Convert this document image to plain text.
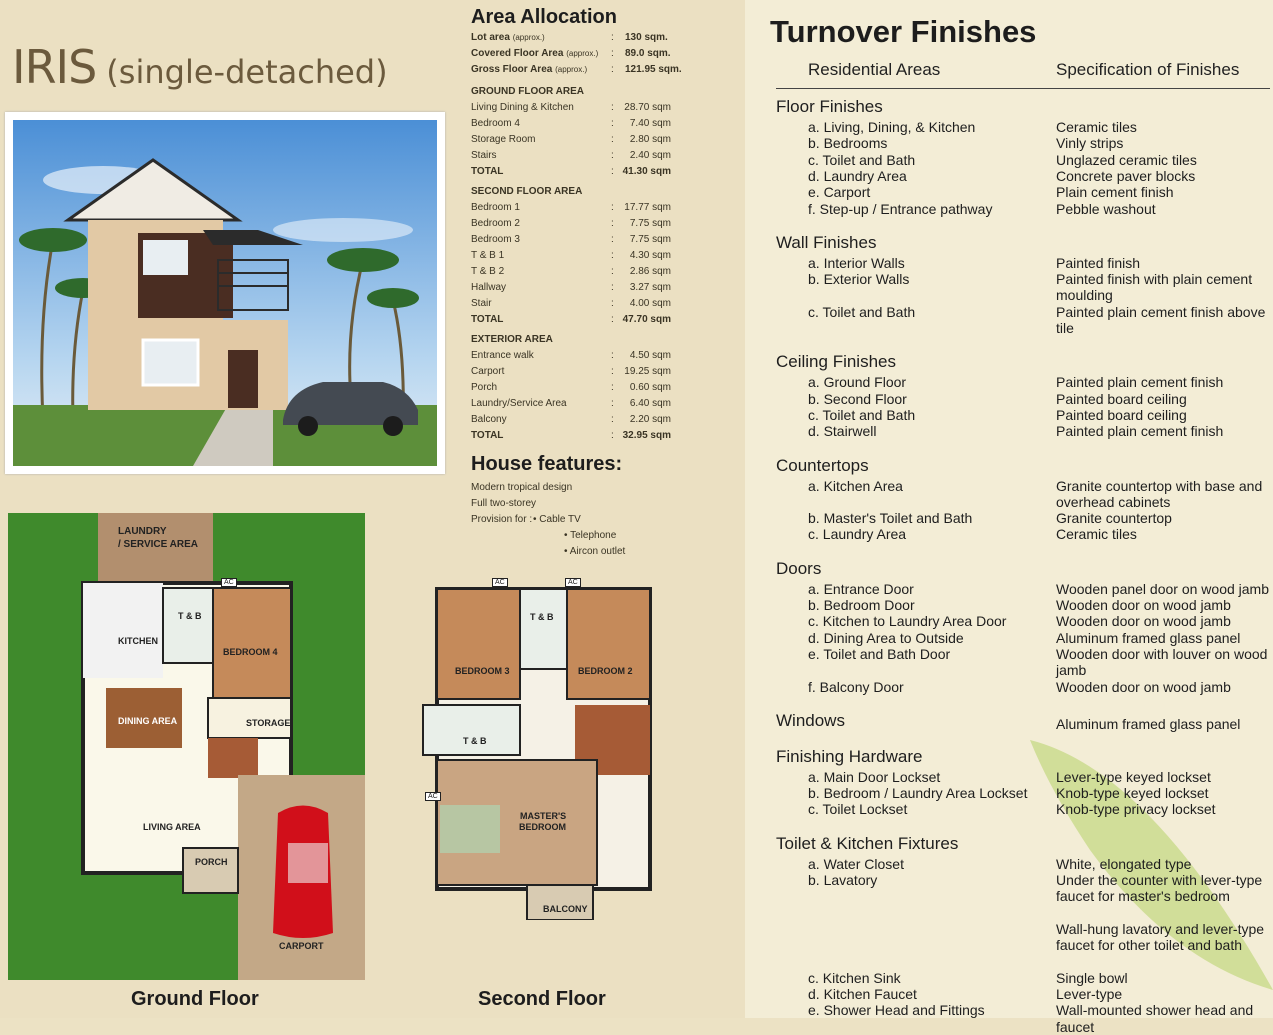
IRIS (single-detached)
Area Allocation
Lot area (approx.)	: 130 sqm.
Covered Floor Area (approx.) : 89.0 sqm.
Gross Floor Area (approx.) : 121.95 sqm.
GROUND FLOOR AREA
Living Dining & Kitchen	:	28.70 sqm
Bedroom 4	:	7.40 sqm
Storage Room	:	2.80 sqm
Stairs	:	2.40 sqm
TOTAL	: 41.30 sqm
SECOND FLOOR AREA
Bedroom 1	:	17.77 sqm
Bedroom 2	:	7.75 sqm
Bedroom 3	:	7.75 sqm
T & B 1	:	4.30 sqm
T & B 2	:	2.86 sqm
Hallway	:	3.27 sqm
Stair	:	4.00 sqm
TOTAL	: 47.70 sqm
EXTERIOR AREA
Entrance walk	:	4.50 sqm
Carport	:	19.25 sqm
Porch	:	0.60 sqm
Laundry/Service Area	:	6.40 sqm
Balcony	:	2.20 sqm
TOTAL	: 32.95 sqm
House features:
Modern tropical design
Full two-storey
Provision for : • Cable TV
• Telephone
• Aircon outlet
LAUNDRY
/ SERVICE AREA
KITCHEN
T & B
BEDROOM 4
DINING AREA	STORAGE
LIVING AREA
PORCH
CARPORT
AC
Ground Floor
BEDROOM 3
T & B
BEDROOM 2
T & B
MASTER'S
BEDROOM
BALCONY
AC	AC
AC
Second Floor
Turnover Finishes
Residential Areas	Specification of Finishes
Floor Finishes
a. Living, Dining, & Kitchen	Ceramic tiles
b. Bedrooms	Vinly strips
c. Toilet and Bath	Unglazed ceramic tiles
d. Laundry Area	Concrete paver blocks
e. Carport	Plain cement finish
f. Step-up / Entrance pathway	Pebble washout
Wall Finishes
a. Interior Walls	Painted finish
b. Exterior Walls	Painted finish with plain cement moulding
c. Toilet and Bath	Painted plain cement finish above tile
Ceiling Finishes
a. Ground Floor	Painted plain cement finish
b. Second Floor	Painted board ceiling
c. Toilet and Bath	Painted board ceiling
d. Stairwell	Painted plain cement finish
Countertops
a. Kitchen Area	Granite countertop with base and overhead cabinets
b. Master's Toilet and Bath	Granite countertop
c. Laundry Area	Ceramic tiles
Doors
a. Entrance Door	Wooden panel door on wood jamb
b. Bedroom Door	Wooden door on wood jamb
c. Kitchen to Laundry Area Door	Wooden door on wood jamb
d. Dining Area to Outside	Aluminum framed glass panel
e. Toilet and Bath Door	Wooden door with louver on wood jamb
f. Balcony Door	Wooden door on wood jamb
Windows	Aluminum framed glass panel
Finishing Hardware
a. Main Door Lockset	Lever-type keyed lockset
b. Bedroom / Laundry Area Lockset Knob-type keyed lockset
c. Toilet Lockset	Knob-type privacy lockset
Toilet & Kitchen Fixtures
a. Water Closet	White, elongated type
b. Lavatory	Under the counter with lever-type faucet for master's bedroom
Wall-hung lavatory and lever-type faucet for other toilet and bath
c. Kitchen Sink	Single bowl
d. Kitchen Faucet	Lever-type
e. Shower Head and Fittings	Wall-mounted shower head and faucet
